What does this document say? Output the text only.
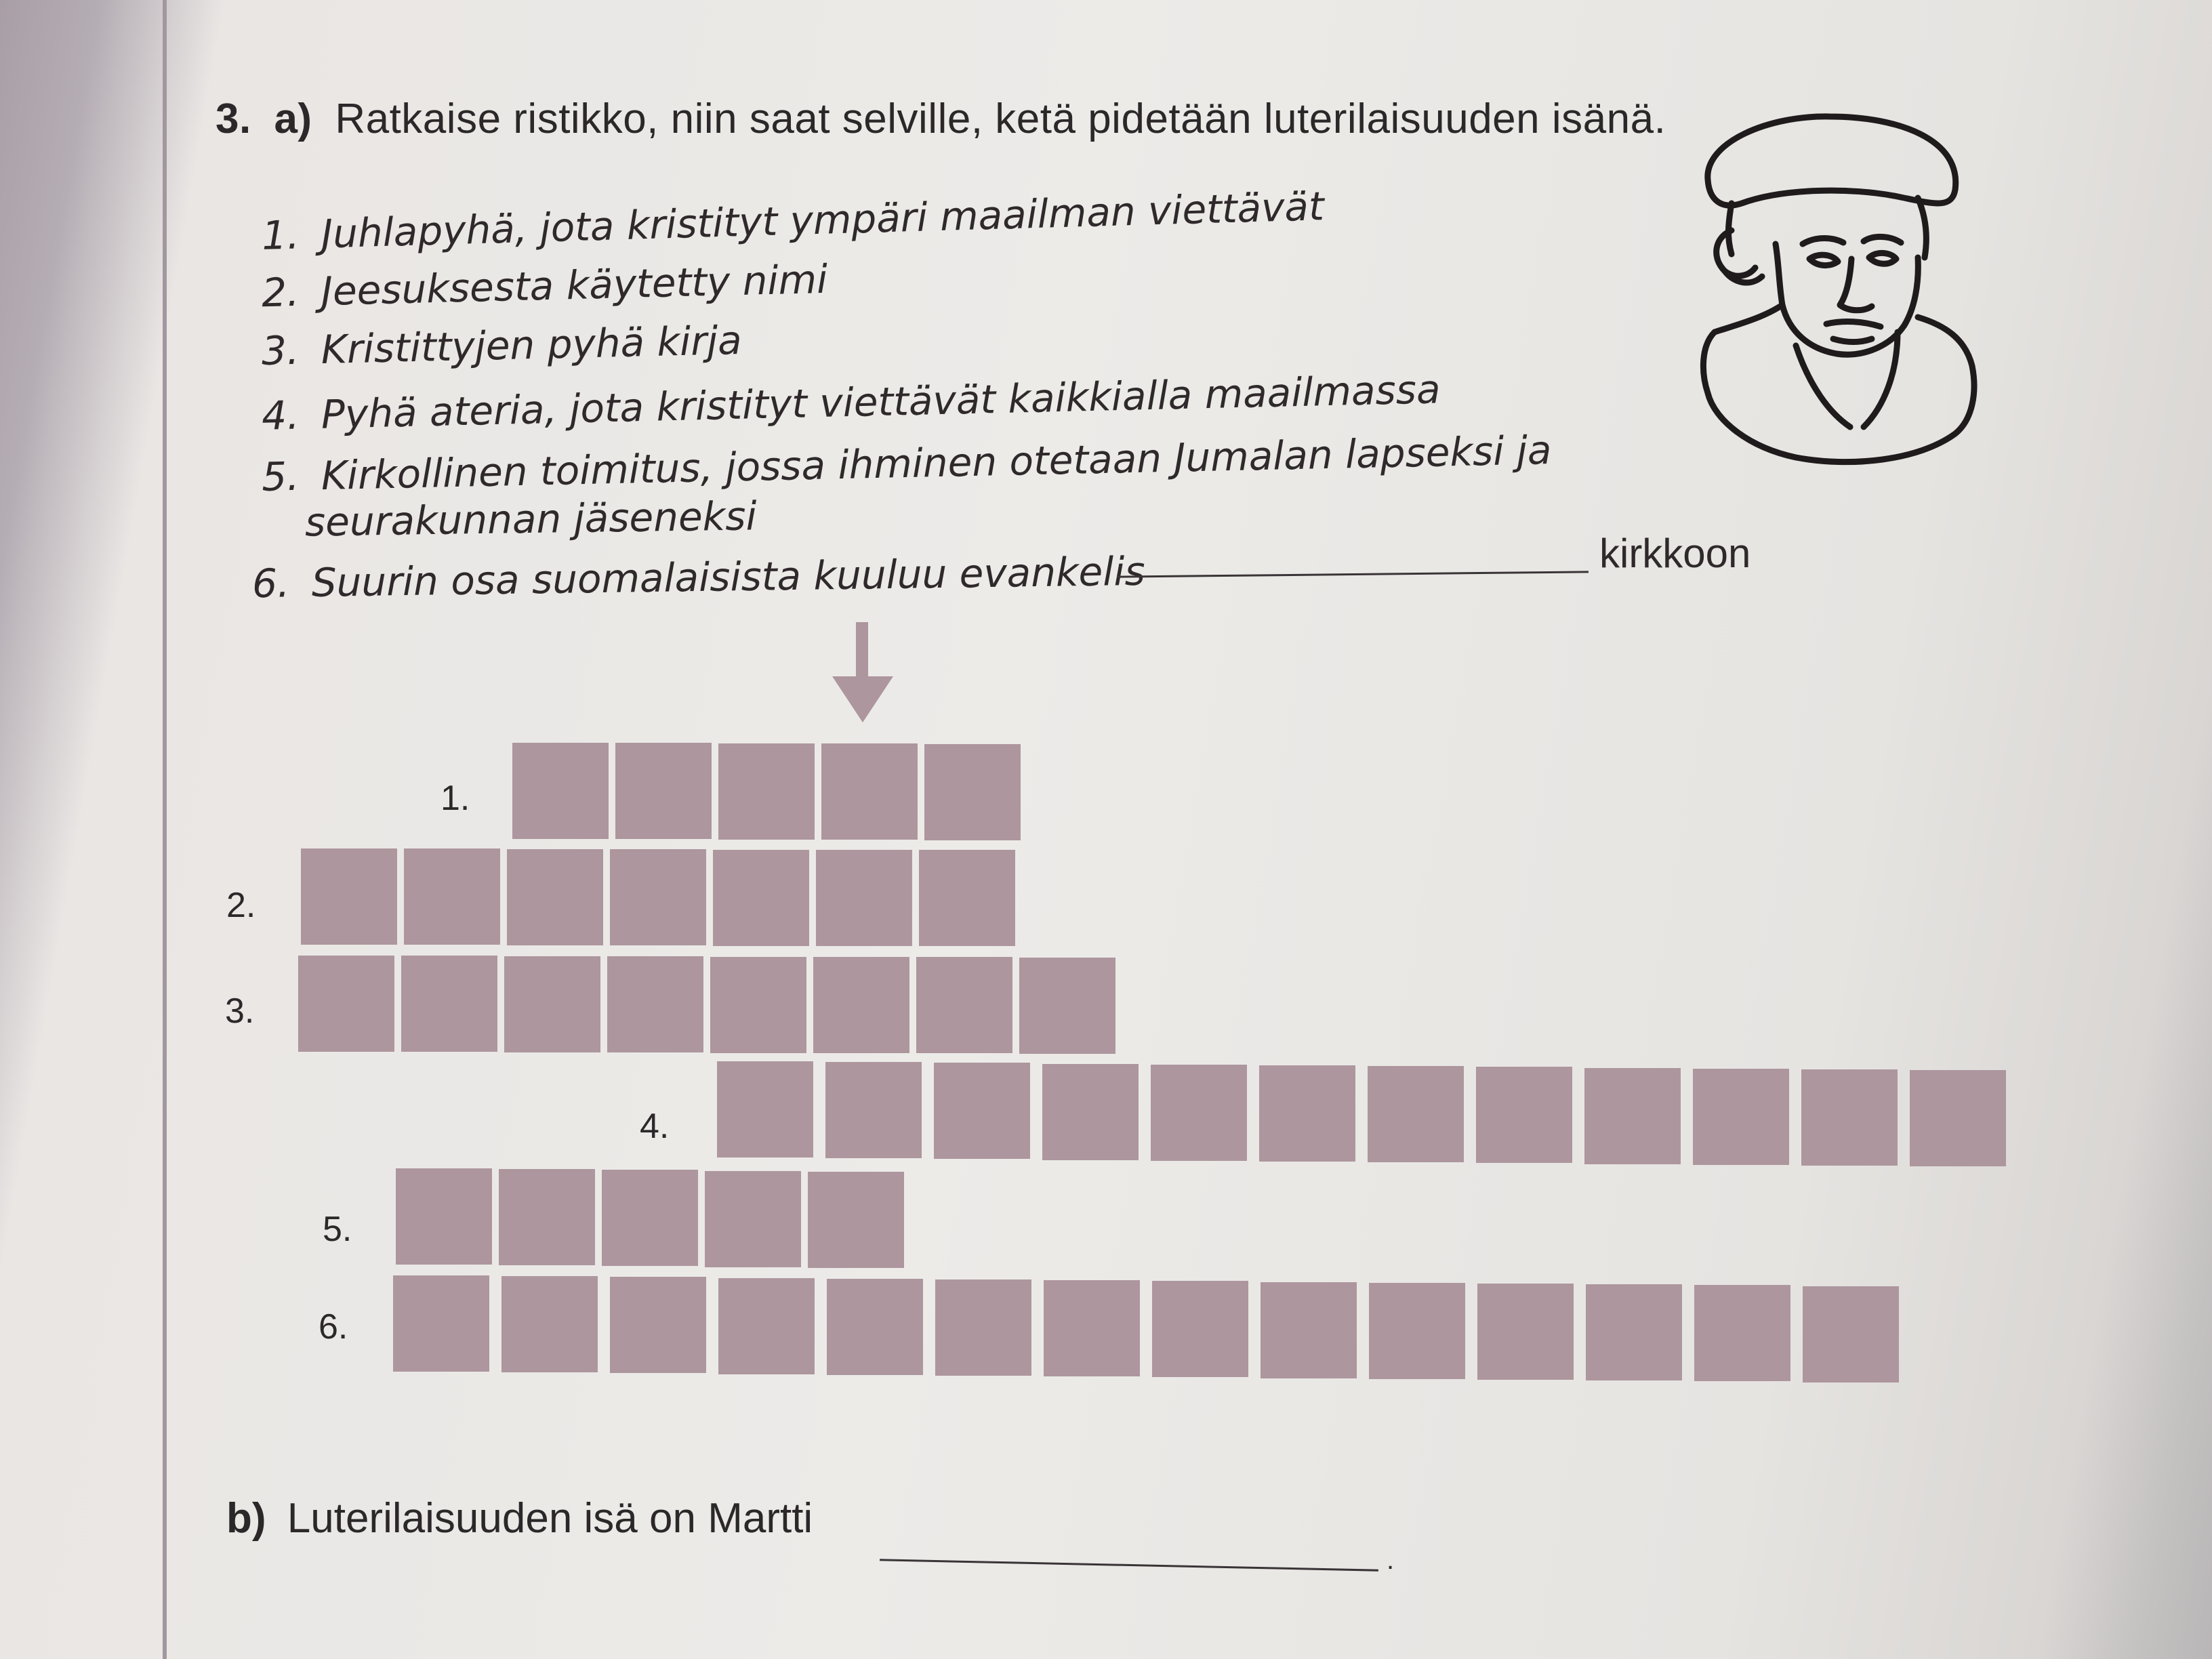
3. a) Ratkaise ristikko, niin saat selville, ketä pidetään luterilaisuuden isänä.
1. Juhlapyhä, jota kristityt ympäri maailman viettävät
2. Jeesuksesta käytetty nimi
3. Kristittyjen pyhä kirja
4. Pyhä ateria, jota kristityt viettävät kaikkialla maailmassa
5. Kirkollinen toimitus, jossa ihminen otetaan Jumalan lapseksi ja
seurakunnan jäseneksi
6. Suurin osa suomalaisista kuuluu evankelis	kirkkoon
1.
2.
3.
4.
5.
6.
b) Luterilaisuuden isä on Martti
.
